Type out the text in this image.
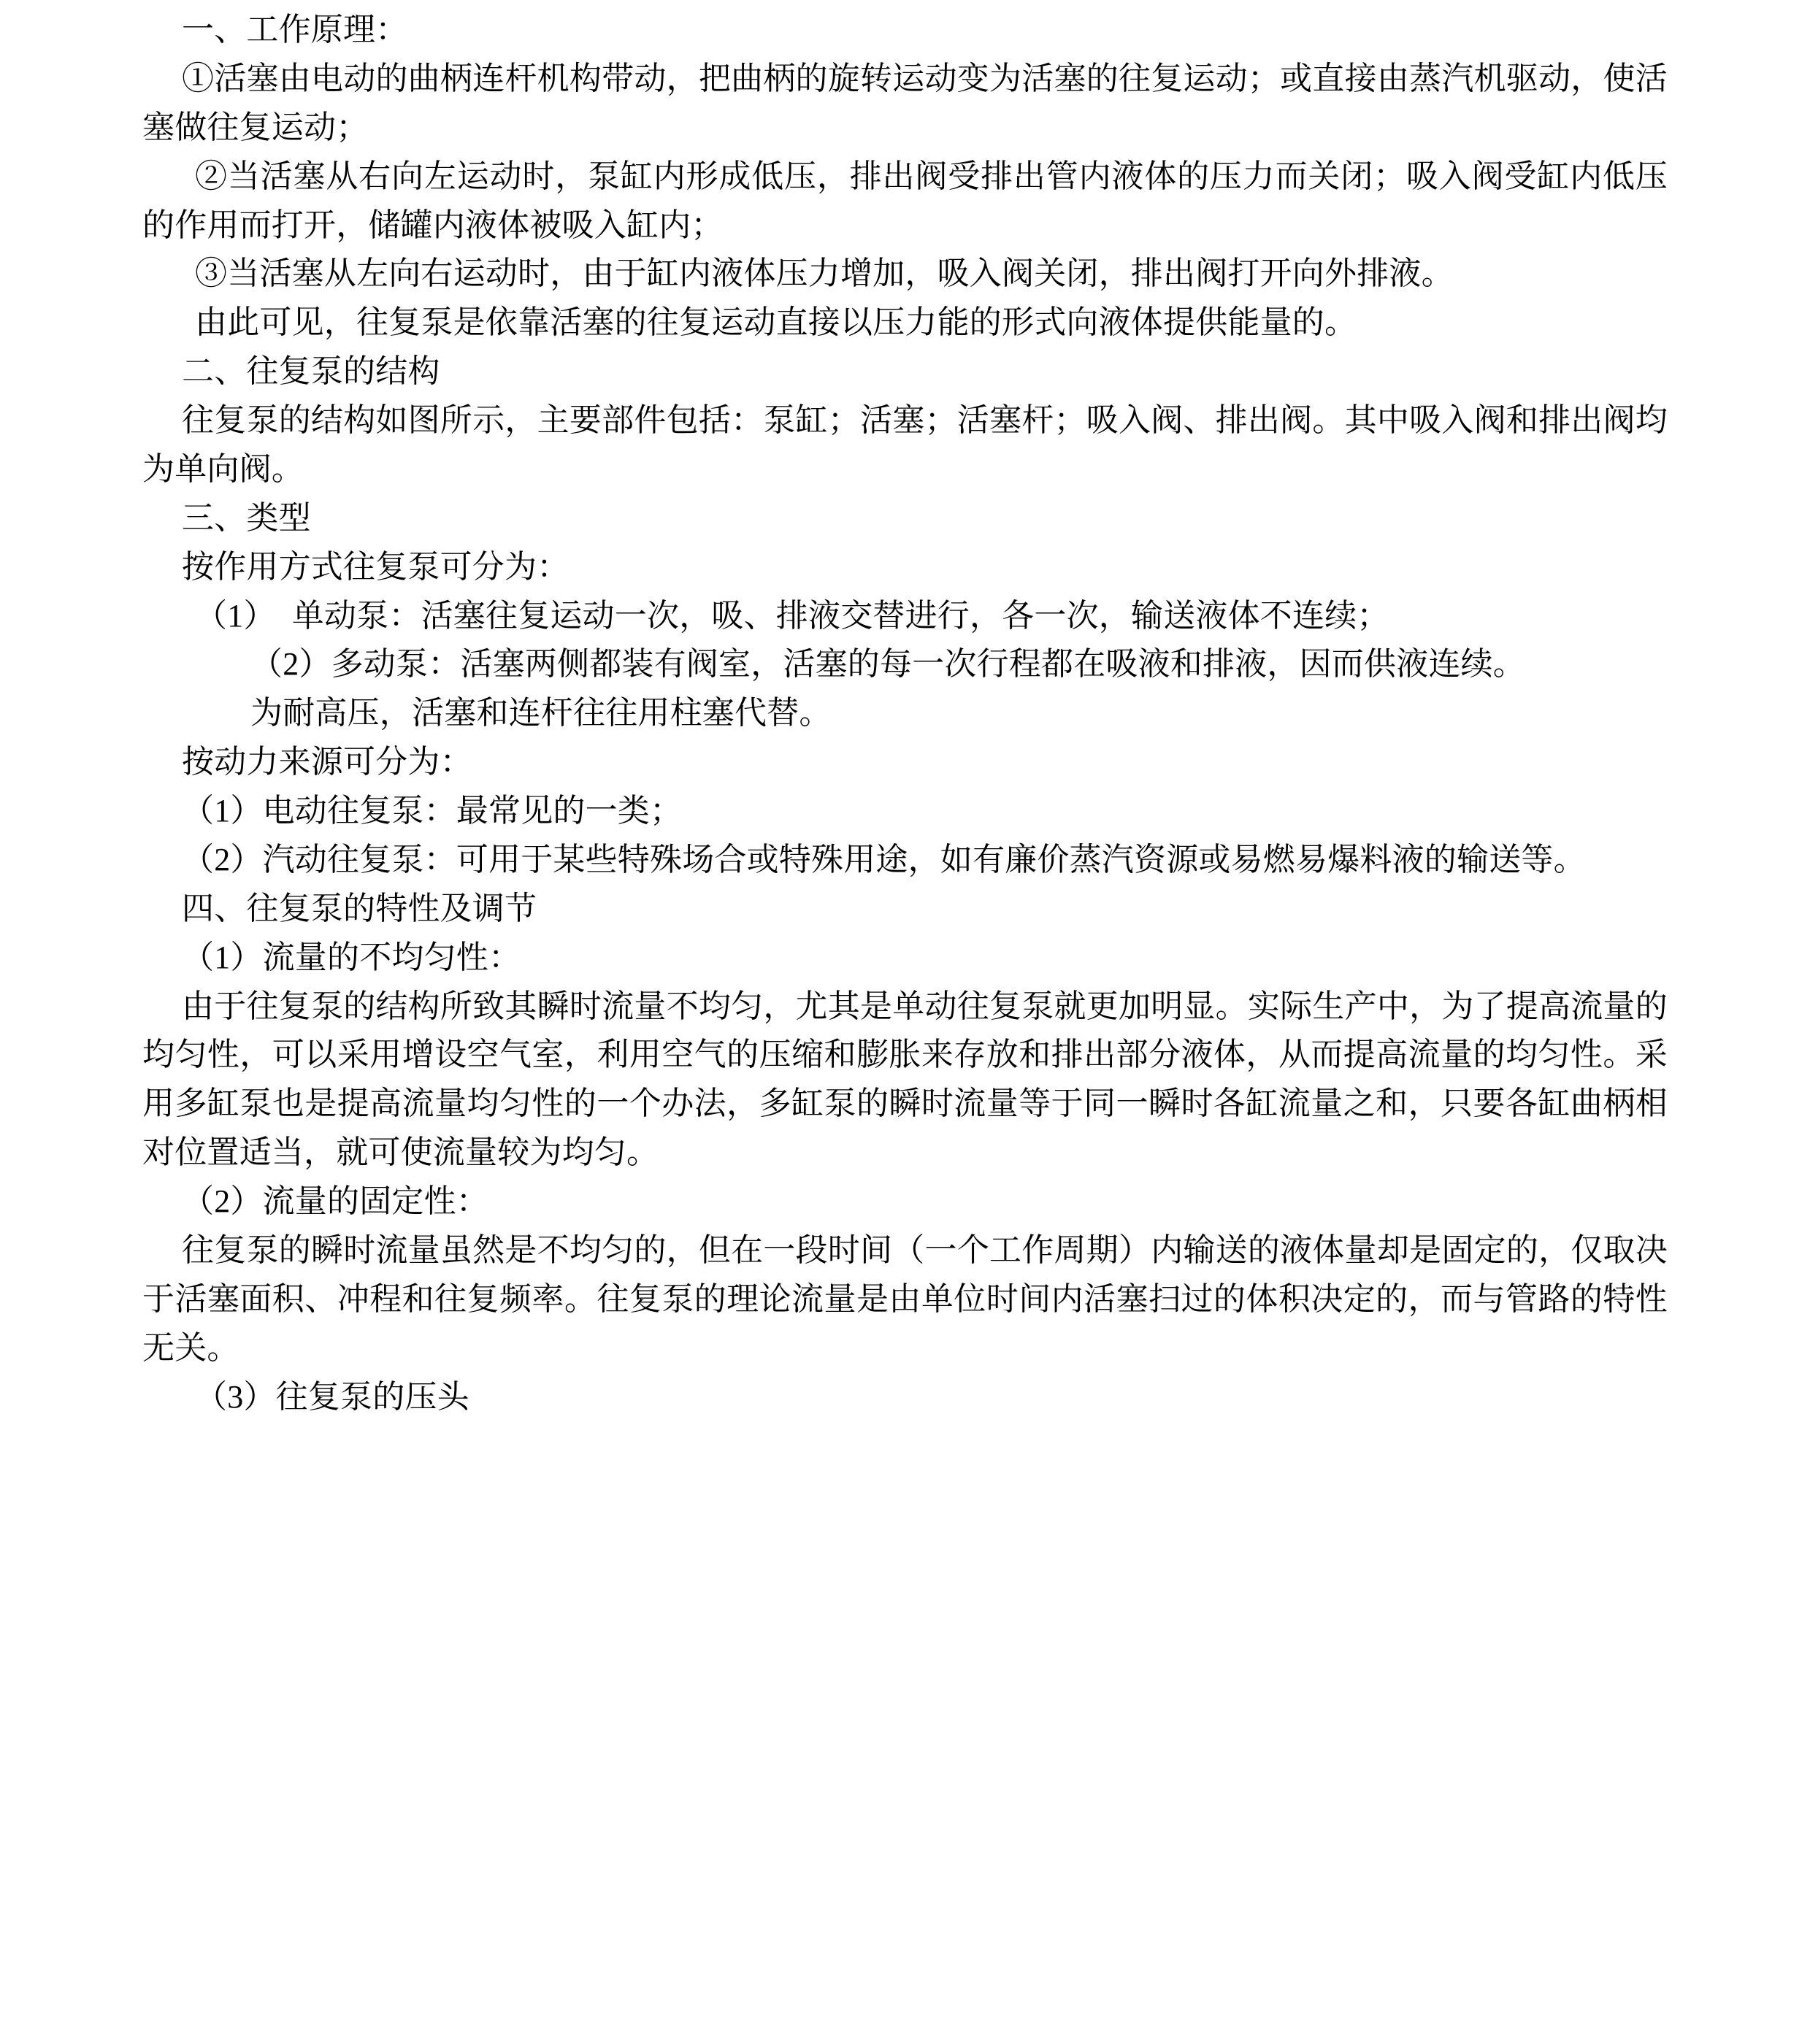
一、工作原理：

①活塞由电动的曲柄连杆机构带动，把曲柄的旋转运动变为活塞的往复运动；或直接由蒸汽机驱动，使活塞做往复运动；

②当活塞从右向左运动时，泵缸内形成低压，排出阀受排出管内液体的压力而关闭；吸入阀受缸内低压的作用而打开，储罐内液体被吸入缸内；

③当活塞从左向右运动时，由于缸内液体压力增加，吸入阀关闭，排出阀打开向外排液。

由此可见，往复泵是依靠活塞的往复运动直接以压力能的形式向液体提供能量的。

二、往复泵的结构

往复泵的结构如图所示，主要部件包括：泵缸；活塞；活塞杆；吸入阀、排出阀。其中吸入阀和排出阀均为单向阀。

三、类型

按作用方式往复泵可分为：

（1）　单动泵：活塞往复运动一次，吸、排液交替进行，各一次，输送液体不连续；

（2）多动泵：活塞两侧都装有阀室，活塞的每一次行程都在吸液和排液，因而供液连续。

为耐高压，活塞和连杆往往用柱塞代替。

按动力来源可分为：

（1）电动往复泵：最常见的一类；

（2）汽动往复泵：可用于某些特殊场合或特殊用途，如有廉价蒸汽资源或易燃易爆料液的输送等。

四、往复泵的特性及调节

（1）流量的不均匀性：

由于往复泵的结构所致其瞬时流量不均匀，尤其是单动往复泵就更加明显。实际生产中，为了提高流量的均匀性，可以采用增设空气室，利用空气的压缩和膨胀来存放和排出部分液体，从而提高流量的均匀性。采用多缸泵也是提高流量均匀性的一个办法，多缸泵的瞬时流量等于同一瞬时各缸流量之和，只要各缸曲柄相对位置适当，就可使流量较为均匀。

（2）流量的固定性：

往复泵的瞬时流量虽然是不均匀的，但在一段时间（一个工作周期）内输送的液体量却是固定的，仅取决于活塞面积、冲程和往复频率。往复泵的理论流量是由单位时间内活塞扫过的体积决定的，而与管路的特性无关。

（3）往复泵的压头
